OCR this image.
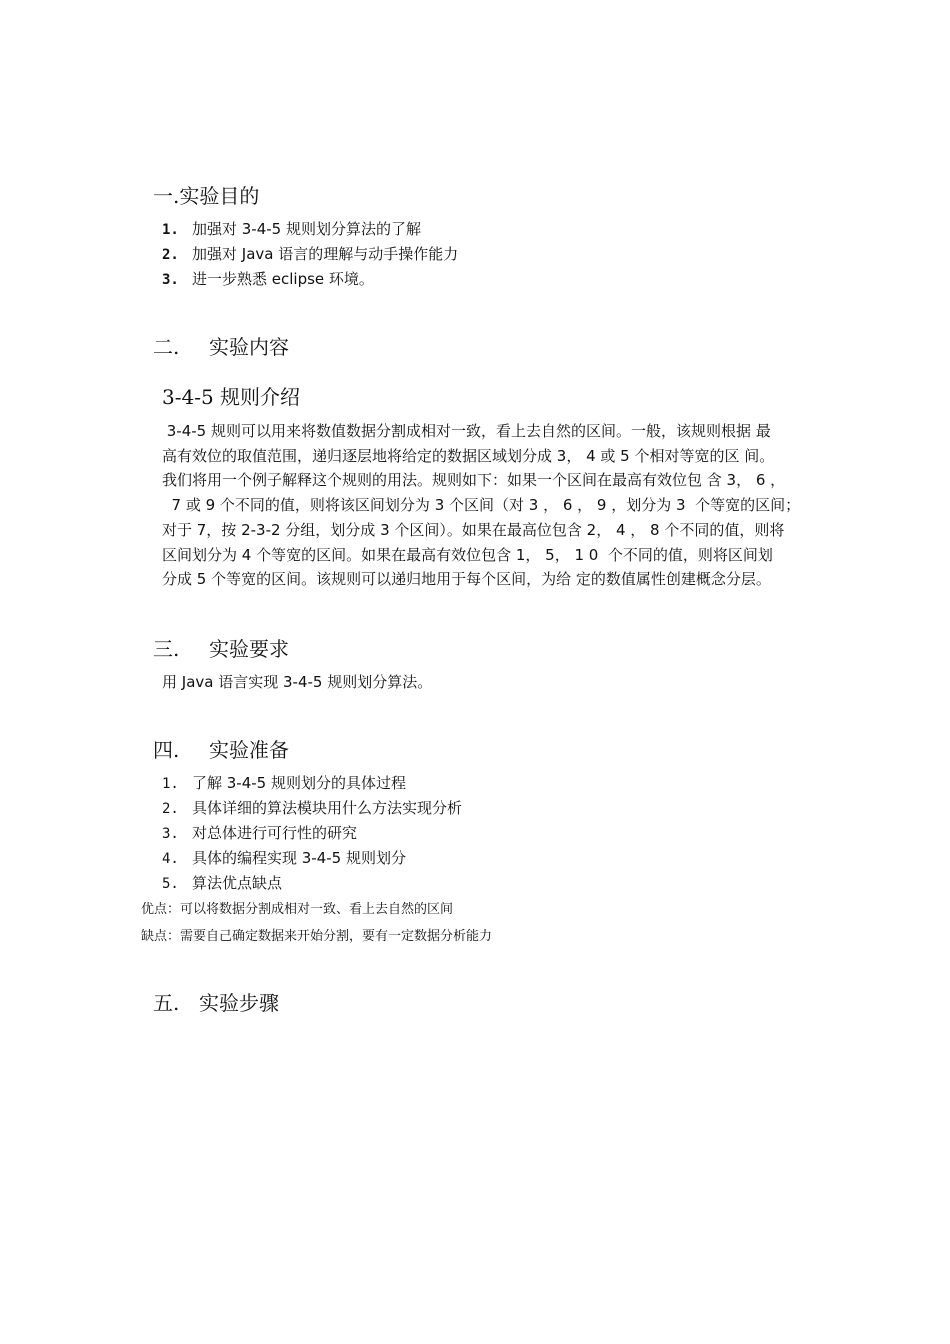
一.实验目的
1. 加强对 3-4-5 规则划分算法的了解
2. 加强对 Java 语言的理解与动手操作能力
3. 进一步熟悉 eclipse 环境。
二. 实验内容
3-4-5 规则介绍

3-4-5 规则可以用来将数值数据分割成相对一致，看上去自然的区间。一般，该规则根据 最

高有效位的取值范围，递归逐层地将给定的数据区域划分成 3， 4 或 5 个相对等宽的区 间。

我们将用一个例子解释这个规则的用法。规则如下：如果一个区间在最高有效位包 含 3， 6 ，

7 或 9 个不同的值，则将该区间划分为 3 个区间（对 3 ， 6 ， 9 ，划分为 3  个等宽的区间；

对于 7，按 2-3-2 分组，划分成 3 个区间）。如果在最高位包含 2， 4 ， 8 个不同的值，则将

区间划分为 4 个等宽的区间。如果在最高有效位包含 1， 5， 1 0  个不同的值，则将区间划

分成 5 个等宽的区间。该规则可以递归地用于每个区间，为给 定的数值属性创建概念分层。

三. 实验要求
用 Java 语言实现 3-4-5 规则划分算法。
四. 实验准备
1. 了解 3-4-5 规则划分的具体过程
2. 具体详细的算法模块用什么方法实现分析
3. 对总体进行可行性的研究
4. 具体的编程实现 3-4-5 规则划分
5. 算法优点缺点
优点：可以将数据分割成相对一致、看上去自然的区间
缺点：需要自己确定数据来开始分割，要有一定数据分析能力
五. 实验步骤
